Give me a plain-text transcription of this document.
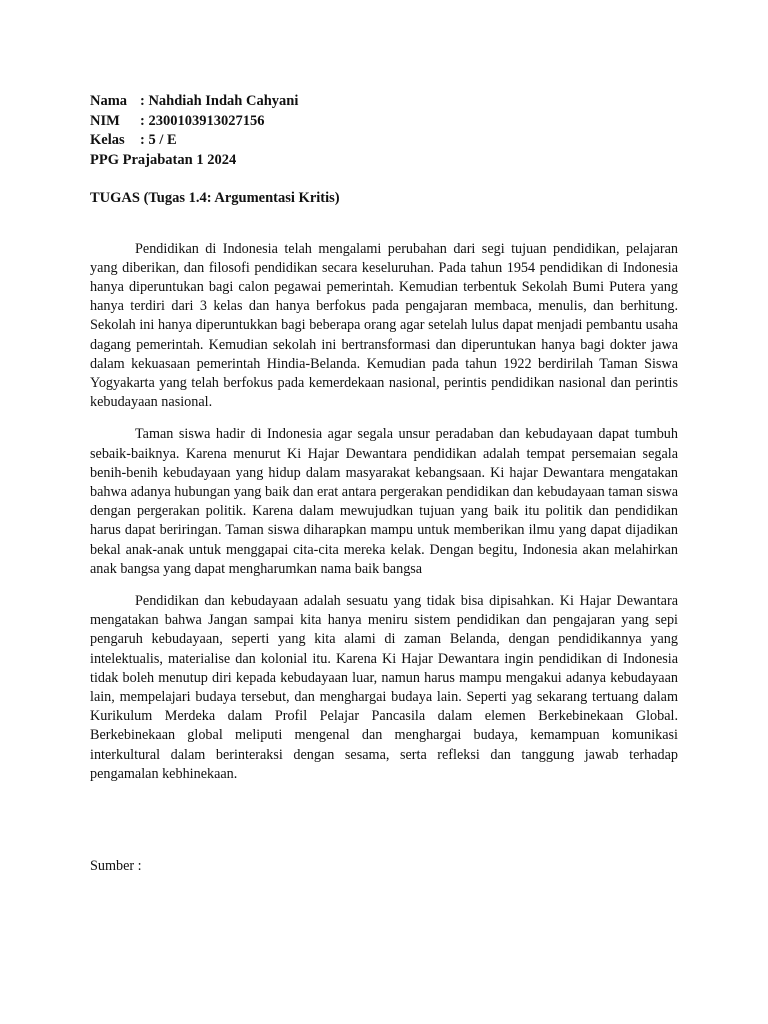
Nama : Nahdiah Indah Cahyani
NIM : 2300103913027156
Kelas : 5 / E
PPG Prajabatan 1 2024
TUGAS (Tugas 1.4: Argumentasi Kritis)

Pendidikan di Indonesia telah mengalami perubahan dari segi tujuan pendidikan, pelajaran yang diberikan, dan filosofi pendidikan secara keseluruhan. Pada tahun 1954 pendidikan di Indonesia hanya diperuntukan bagi calon pegawai pemerintah. Kemudian terbentuk Sekolah Bumi Putera yang hanya terdiri dari 3 kelas dan hanya berfokus pada pengajaran membaca, menulis, dan berhitung. Sekolah ini hanya diperuntukkan bagi beberapa orang agar setelah lulus dapat menjadi pembantu usaha dagang pemerintah. Kemudian sekolah ini bertransformasi dan diperuntukan hanya bagi dokter jawa dalam kekuasaan pemerintah Hindia-Belanda. Kemudian pada tahun 1922 berdirilah Taman Siswa Yogyakarta yang telah berfokus pada kemerdekaan nasional, perintis pendidikan nasional dan perintis kebudayaan nasional.

Taman siswa hadir di Indonesia agar segala unsur peradaban dan kebudayaan dapat tumbuh sebaik-baiknya. Karena menurut Ki Hajar Dewantara pendidikan adalah tempat persemaian segala benih-benih kebudayaan yang hidup dalam masyarakat kebangsaan. Ki hajar Dewantara mengatakan bahwa adanya hubungan yang baik dan erat antara pergerakan pendidikan dan kebudayaan taman siswa dengan pergerakan politik. Karena dalam mewujudkan tujuan yang baik itu politik dan pendidikan harus dapat beriringan. Taman siswa diharapkan mampu untuk memberikan ilmu yang dapat dijadikan bekal anak-anak untuk menggapai cita-cita mereka kelak. Dengan begitu, Indonesia akan melahirkan anak bangsa yang dapat mengharumkan nama baik bangsa

Pendidikan dan kebudayaan adalah sesuatu yang tidak bisa dipisahkan. Ki Hajar Dewantara mengatakan bahwa Jangan sampai kita hanya meniru sistem pendidikan dan pengajaran yang sepi pengaruh kebudayaan, seperti yang kita alami di zaman Belanda, dengan pendidikannya yang intelektualis, materialise dan kolonial itu. Karena Ki Hajar Dewantara ingin pendidikan di Indonesia tidak boleh menutup diri kepada kebudayaan luar, namun harus mampu mengakui adanya kebudayaan lain, mempelajari budaya tersebut, dan menghargai budaya lain. Seperti yag sekarang tertuang dalam Kurikulum Merdeka dalam Profil Pelajar Pancasila dalam elemen Berkebinekaan Global. Berkebinekaan global meliputi mengenal dan menghargai budaya, kemampuan komunikasi interkultural dalam berinteraksi dengan sesama, serta refleksi dan tanggung jawab terhadap pengamalan kebhinekaan.

Sumber :
